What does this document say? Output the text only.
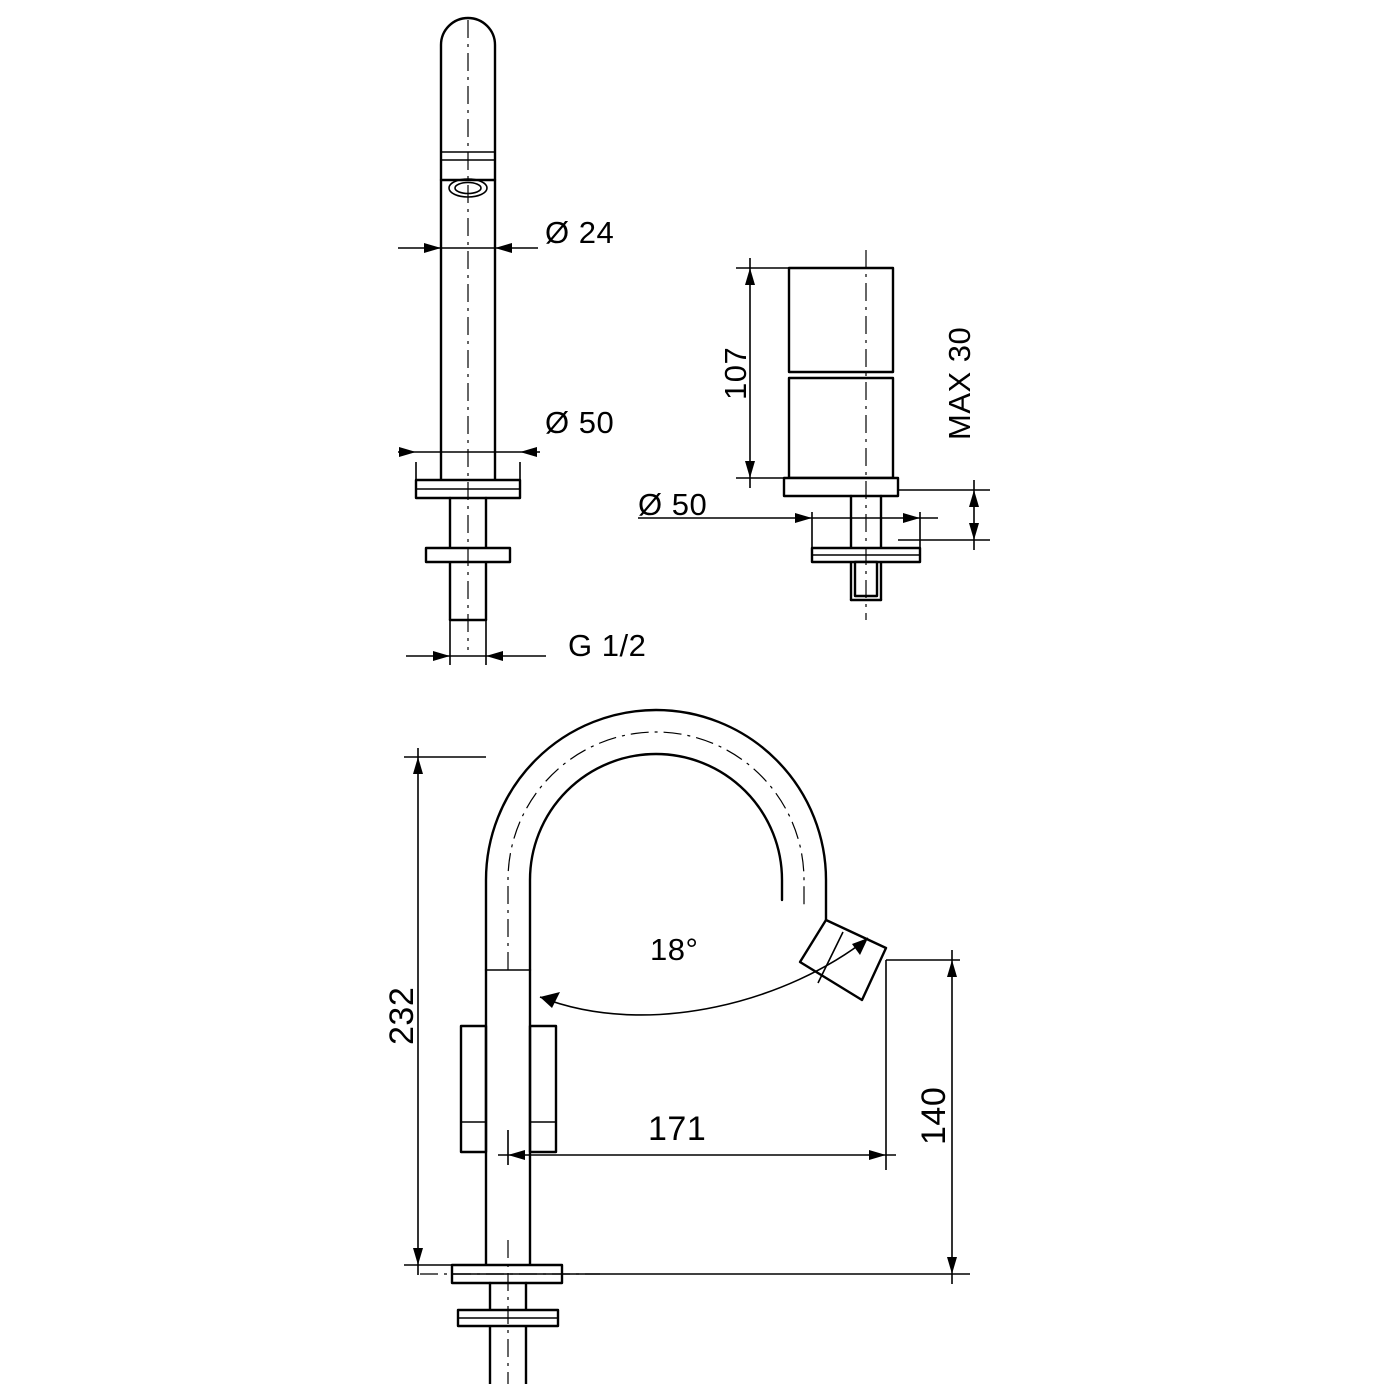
Ø 24
Ø 50
G 1/2
107	MAX 30
Ø 50
232
18°
171	140
